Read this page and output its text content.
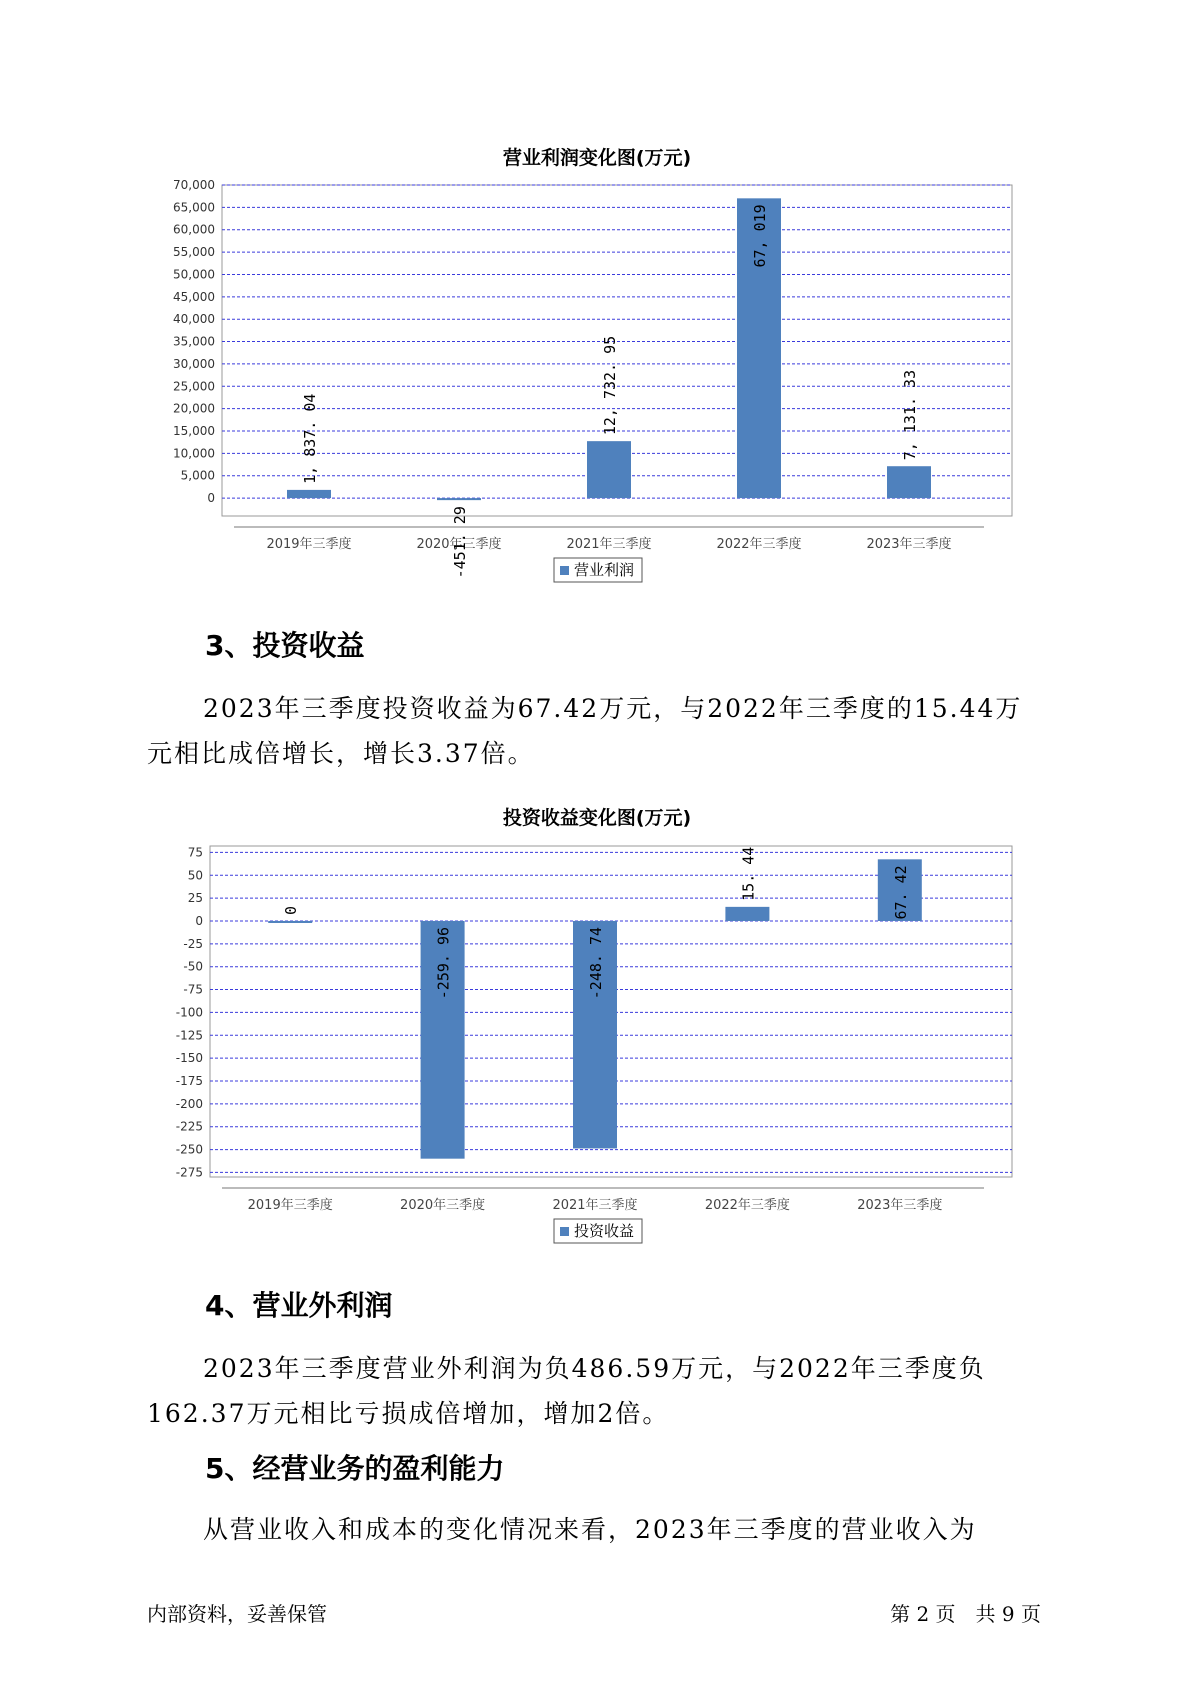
营业利润变化图(万元)
0
5,000
10,000
15,000
20,000
25,000
30,000
35,000
40,000
45,000
50,000
55,000
60,000
65,000
70,000
2019年三季度
1, 837. 04
2020年三季度
-451. 29	2021年三季度
12, 732. 95
2022年三季度
67, 019
2023年三季度
7, 131. 33
营业利润
3、投资收益

2023年三季度投资收益为67.42万元，与2022年三季度的15.44万元相比成倍增长，增长3.37倍。

投资收益变化图(万元)
-275
-250
-225
-200
-175
-150
-125
-100
-75
-50
-25
0
25
50
75
2019年三季度
0
2020年三季度
-259. 96
2021年三季度
-248. 74
2022年三季度
15. 44
2023年三季度
67. 42
投资收益
4、营业外利润

2023年三季度营业外利润为负486.59万元，与2022年三季度负162.37万元相比亏损成倍增加，增加2倍。

5、经营业务的盈利能力

从营业收入和成本的变化情况来看，2023年三季度的营业收入为

内部资料，妥善保管	第 2 页　共 9 页
